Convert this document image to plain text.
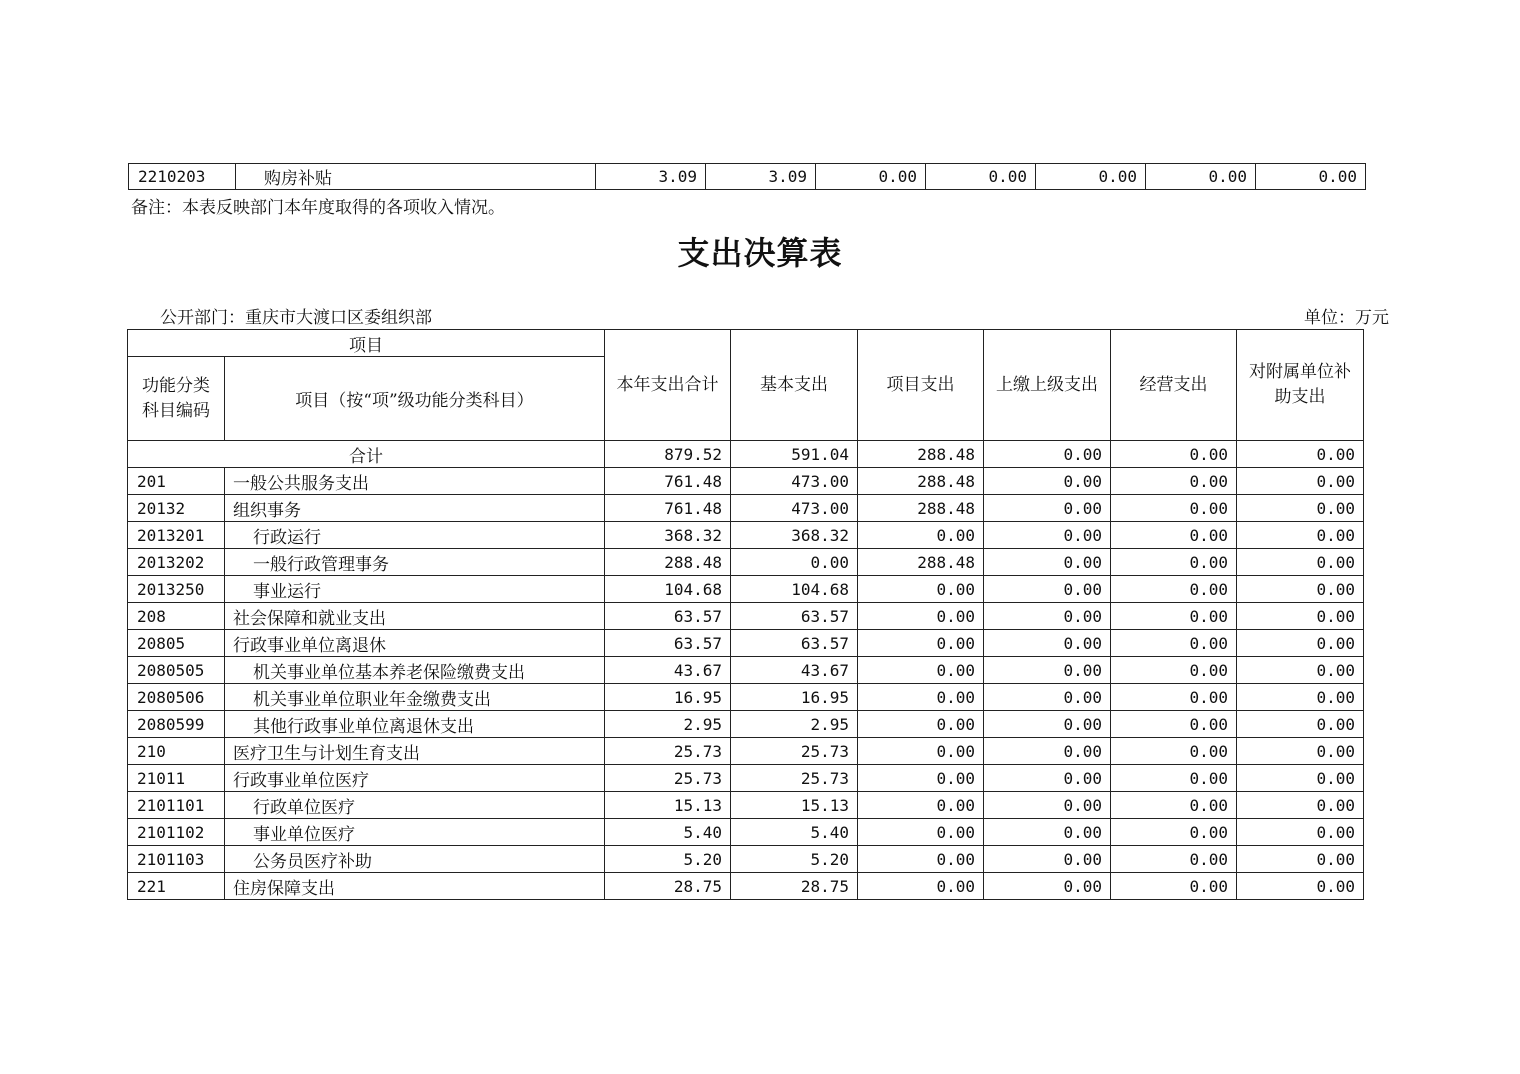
2210203	购房补贴	3.09	3.09	0.00	0.00	0.00	0.00	0.00
备注：本表反映部门本年度取得的各项收入情况。
支出决算表
公开部门：重庆市大渡口区委组织部	单位：万元
项目		本年支出合计	基本支出	项目支出	上缴上级支出	经营支出	对附属单位补助支出
功能分类科目编码	项目（按“项”级功能分类科目）						
合计		879.52	591.04	288.48	0.00	0.00	0.00
201	一般公共服务支出	761.48	473.00	288.48	0.00	0.00	0.00
20132	组织事务	761.48	473.00	288.48	0.00	0.00	0.00
2013201	行政运行	368.32	368.32	0.00	0.00	0.00	0.00
2013202	一般行政管理事务	288.48	0.00	288.48	0.00	0.00	0.00
2013250	事业运行	104.68	104.68	0.00	0.00	0.00	0.00
208	社会保障和就业支出	63.57	63.57	0.00	0.00	0.00	0.00
20805	行政事业单位离退休	63.57	63.57	0.00	0.00	0.00	0.00
2080505	机关事业单位基本养老保险缴费支出	43.67	43.67	0.00	0.00	0.00	0.00
2080506	机关事业单位职业年金缴费支出	16.95	16.95	0.00	0.00	0.00	0.00
2080599	其他行政事业单位离退休支出	2.95	2.95	0.00	0.00	0.00	0.00
210	医疗卫生与计划生育支出	25.73	25.73	0.00	0.00	0.00	0.00
21011	行政事业单位医疗	25.73	25.73	0.00	0.00	0.00	0.00
2101101	行政单位医疗	15.13	15.13	0.00	0.00	0.00	0.00
2101102	事业单位医疗	5.40	5.40	0.00	0.00	0.00	0.00
2101103	公务员医疗补助	5.20	5.20	0.00	0.00	0.00	0.00
221	住房保障支出	28.75	28.75	0.00	0.00	0.00	0.00
